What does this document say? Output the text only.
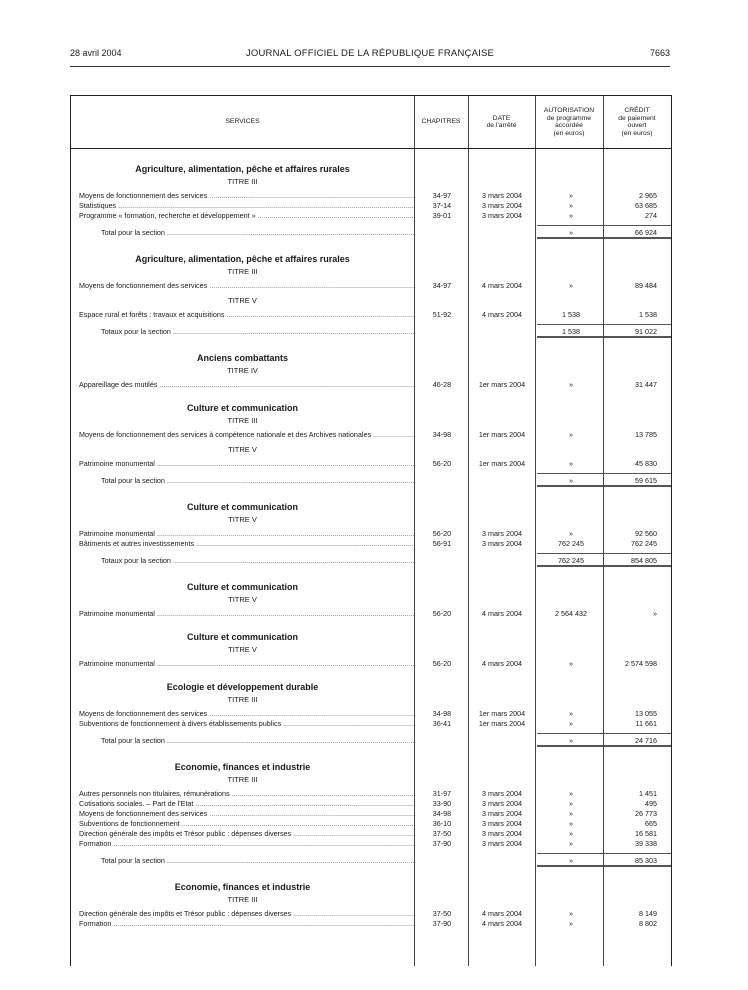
28 avril 2004	JOURNAL OFFICIEL DE LA RÉPUBLIQUE FRANÇAISE	7663
SERVICES	CHAPITRES
DATE
de l'arrêté
AUTORISATION
de programme
accordée
(en euros)
CRÉDIT
de paiement
ouvert
(en euros)
Agriculture, alimentation, pêche et affaires rurales
TITRE III
Moyens de fonctionnement des services .....	34-97	3 mars 2004	»	2 965
Statistiques .....	37-14	3 mars 2004	»	63 685
Programme « formation, recherche et développement » .....	39-01	3 mars 2004	»	274
Total pour la section .....	»	66 924
Agriculture, alimentation, pêche et affaires rurales
TITRE III
Moyens de fonctionnement des services .....	34-97	4 mars 2004	»	89 484
TITRE V
Espace rural et forêts : travaux et acquisitions .....	51-92	4 mars 2004	1 538	1 538
Totaux pour la section .....	1 538	91 022
Anciens combattants
TITRE IV
Appareillage des mutilés .....	46-28	1er mars 2004	»	31 447
Culture et communication
TITRE III
Moyens de fonctionnement des services à compétence nationale et des Archives nationales .....	34-98	1er mars 2004	»	13 785
TITRE V
Patrimoine monumental .....	56-20	1er mars 2004	»	45 830
Total pour la section .....	»	59 615
Culture et communication
TITRE V
Patrimoine monumental .....	56-20	3 mars 2004	»	92 560
Bâtiments et autres investissements .....	56-91	3 mars 2004	762 245	762 245
Totaux pour la section .....	762 245	854 805
Culture et communication
TITRE V
Patrimoine monumental .....	56-20	4 mars 2004	2 564 432	»
Culture et communication
TITRE V
Patrimoine monumental .....	56-20	4 mars 2004	»	2 574 598
Ecologie et développement durable
TITRE III
Moyens de fonctionnement des services .....	34-98	1er mars 2004	»	13 055
Subventions de fonctionnement à divers établissements publics .....	36-41	1er mars 2004	»	11 661
Total pour la section .....	»	24 716
Economie, finances et industrie
TITRE III
Autres personnels non titulaires, rémunérations .....	31-97	3 mars 2004	»	1 451
Cotisations sociales. – Part de l'Etat .....	33-90	3 mars 2004	»	495
Moyens de fonctionnement des services .....	34-98	3 mars 2004	»	26 773
Subventions de fonctionnement .....	36-10	3 mars 2004	»	665
Direction générale des impôts et Trésor public : dépenses diverses .....	37-50	3 mars 2004	»	16 581
Formation .....	37-90	3 mars 2004	»	39 338
Total pour la section .....	»	85 303
Economie, finances et industrie
TITRE III
Direction générale des impôts et Trésor public : dépenses diverses .....	37-50	4 mars 2004	»	8 149
Formation .....	37-90	4 mars 2004	»	8 802
